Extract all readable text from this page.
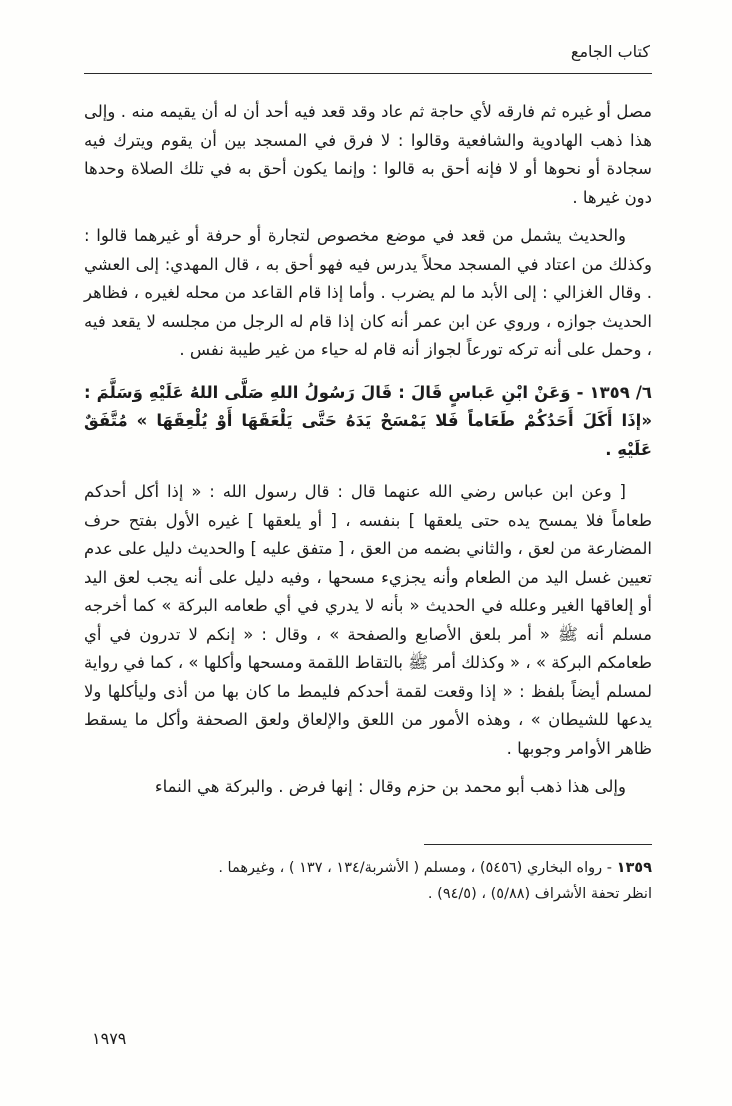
كتاب الجامع

مصل أو غيره ثم فارقه لأي حاجة ثم عاد وقد قعد فيه أحد أن له أن يقيمه منه . وإلى هذا ذهب الهادوية والشافعية وقالوا : لا فرق في المسجد بين أن يقوم ويترك فيه سجادة أو نحوها أو لا فإنه أحق به قالوا : وإنما يكون أحق به في تلك الصلاة وحدها دون غيرها .

والحديث يشمل من قعد في موضع مخصوص لتجارة أو حرفة أو غيرهما قالوا : وكذلك من اعتاد في المسجد محلاً يدرس فيه فهو أحق به ، قال المهدي: إلى العشي . وقال الغزالي : إلى الأبد ما لم يضرب . وأما إذا قام القاعد من محله لغيره ، فظاهر الحديث جوازه ، وروي عن ابن عمر أنه كان إذا قام له الرجل من مجلسه لا يقعد فيه ، وحمل على أنه تركه تورعاً لجواز أنه قام له حياء من غير طيبة نفس .

٦/ ١٣٥٩ - وَعَنْ ابْنِ عَباسٍ قَالَ : قَالَ رَسُولُ اللهِ صَلَّى اللهُ عَلَيْهِ وَسَلَّمَ : «إذَا أَكَلَ أَحَدُكُمْ طَعَاماً فَلا يَمْسَحْ يَدَهُ حَتَّى يَلْعَقَهَا أَوْ يُلْعِقَهَا » مُتَّفَقٌ عَلَيْهِ .

[ وعن ابن عباس رضي الله عنهما قال : قال رسول الله : « إذا أكل أحدكم طعاماً فلا يمسح يده حتى يلعقها ] بنفسه ، [ أو يلعقها ] غيره الأول بفتح حرف المضارعة من لعق ، والثاني بضمه من العق ، [ متفق عليه ] والحديث دليل على عدم تعيين غسل اليد من الطعام وأنه يجزيء مسحها ، وفيه دليل على أنه يجب لعق اليد أو إلعاقها الغير وعلله في الحديث « بأنه لا يدري في أي طعامه البركة » كما أخرجه مسلم أنه ﷺ « أمر بلعق الأصابع والصفحة » ، وقال : « إنكم لا تدرون في أي طعامكم البركة » ، « وكذلك أمر ﷺ بالتقاط اللقمة ومسحها وأكلها » ، كما في رواية لمسلم أيضاً بلفظ : « إذا وقعت لقمة أحدكم فليمط ما كان بها من أذى وليأكلها ولا يدعها للشيطان » ، وهذه الأمور من اللعق والإلعاق ولعق الصحفة وأكل ما يسقط ظاهر الأوامر وجوبها .

وإلى هذا ذهب أبو محمد بن حزم وقال : إنها فرض . والبركة هي النماء

١٣٥٩ - رواه البخاري (٥٤٥٦) ، ومسلم ( الأشربة/١٣٤ ، ١٣٧ ) ، وغيرهما .
انظر تحفة الأشراف (٥/٨٨) ، (٩٤/٥) .
١٩٧٩
